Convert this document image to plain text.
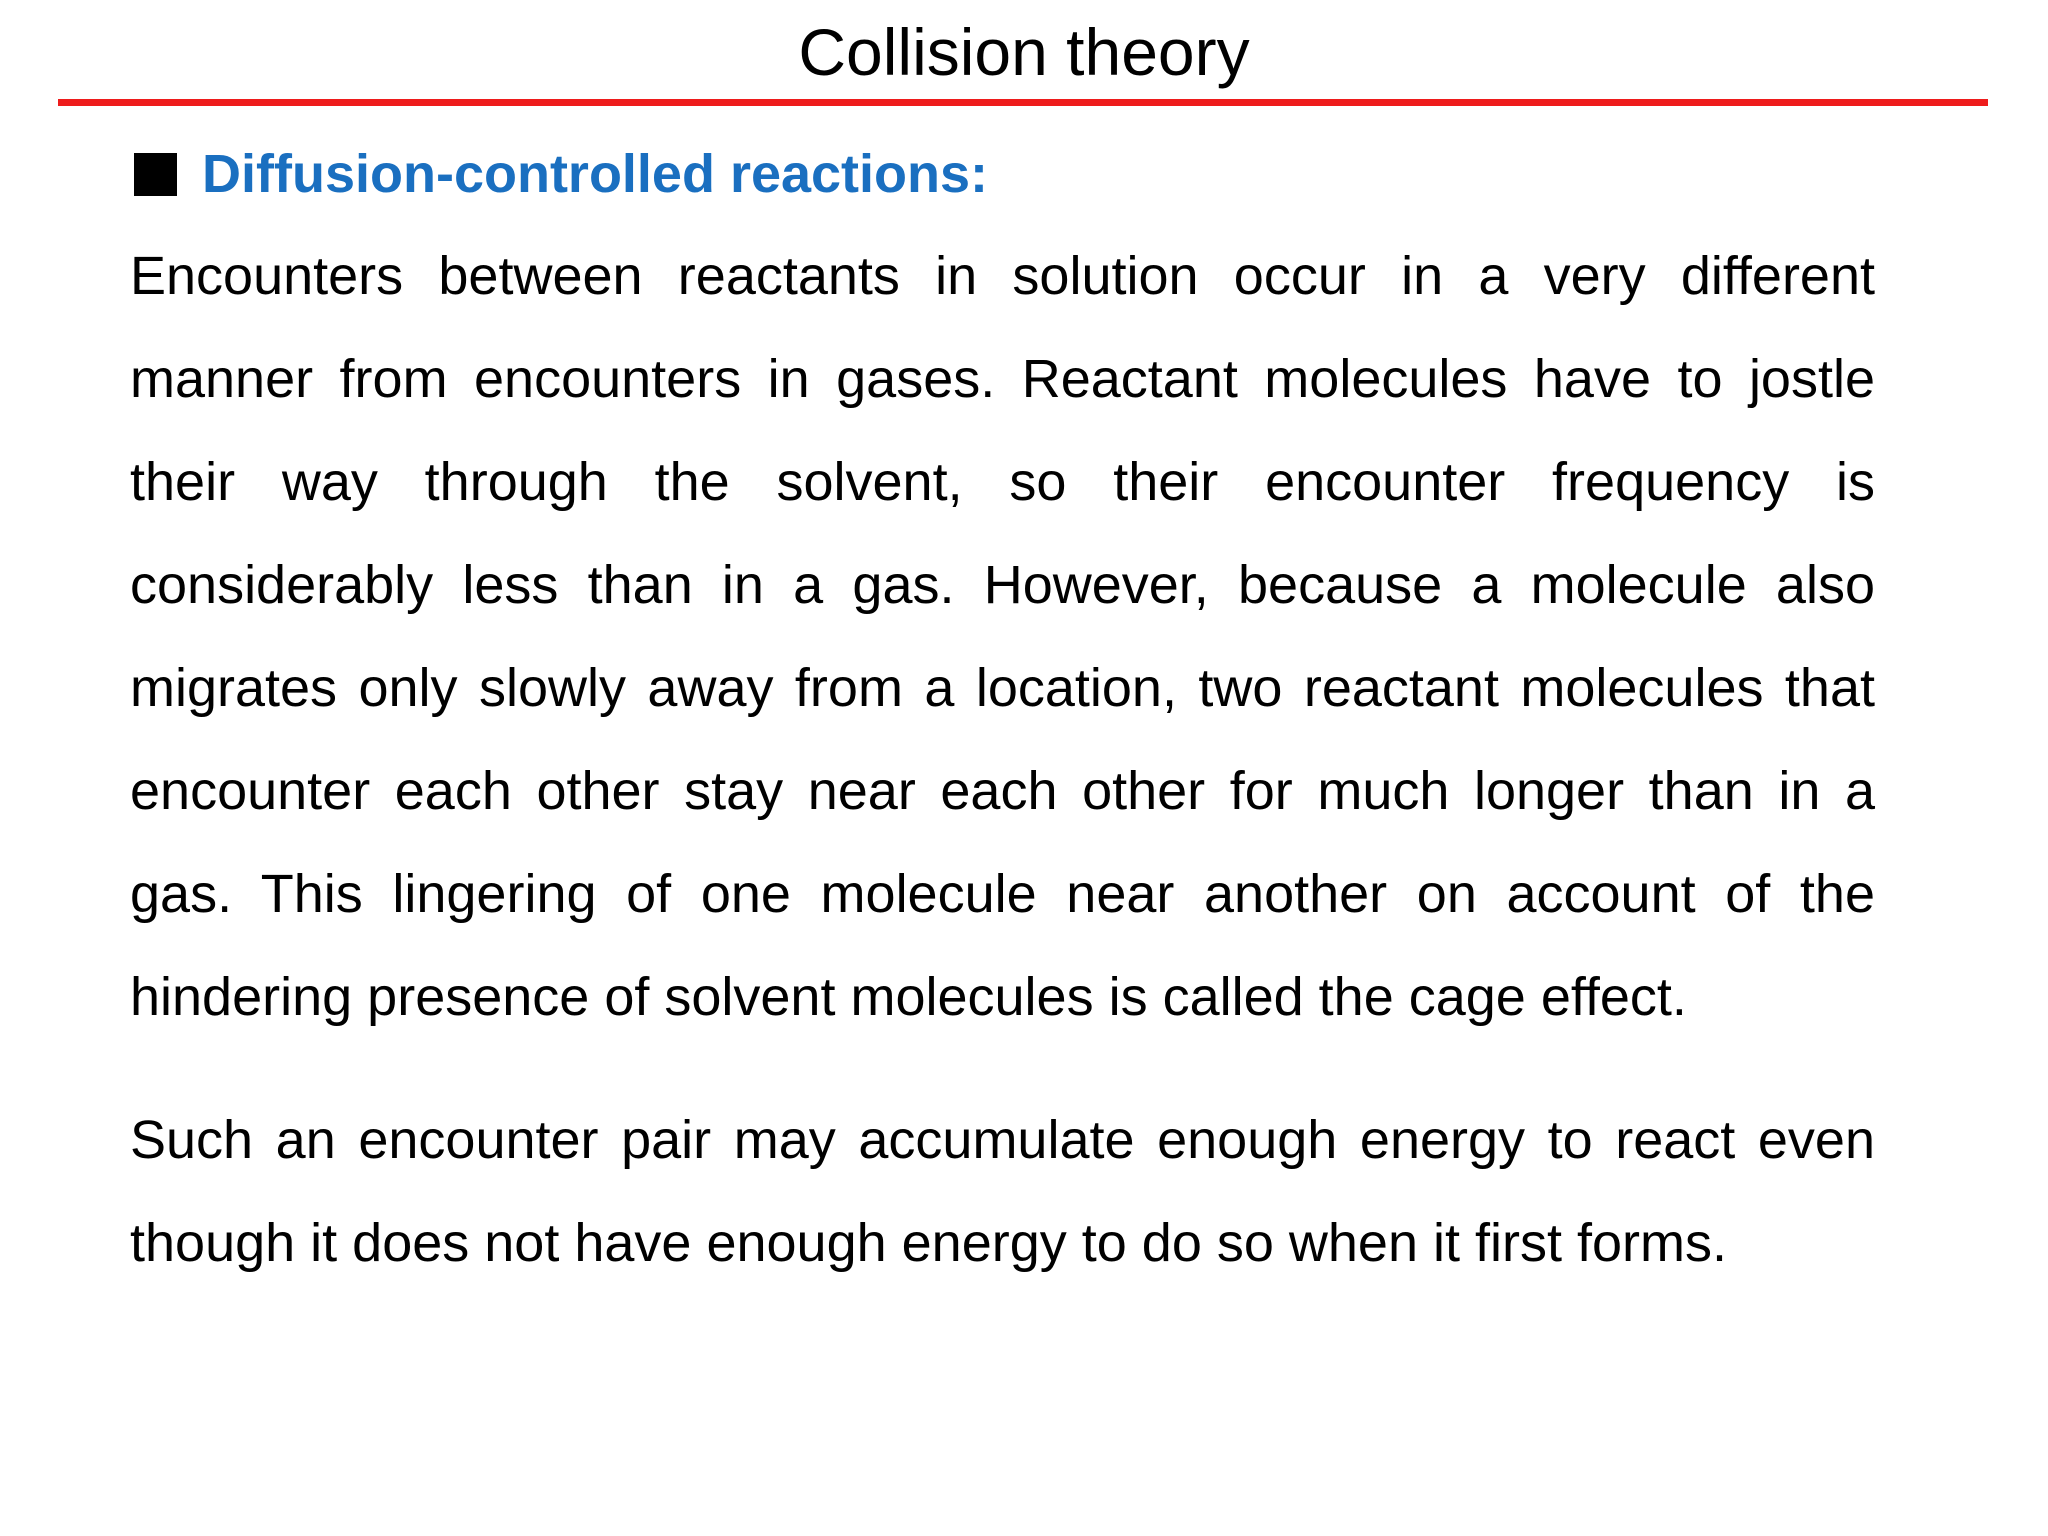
Collision theory
Diffusion-controlled reactions:
Encounters between reactants in solution occur in a very different manner from encounters in gases. Reactant molecules have to jostle their way through the solvent, so their encounter frequency is considerably less than in a gas. However, because a molecule also migrates only slowly away from a location, two reactant molecules that encounter each other stay near each other for much longer than in a gas. This lingering of one molecule near another on account of the hindering presence of solvent molecules is called the cage effect.
Such an encounter pair may accumulate enough energy to react even though it does not have enough energy to do so when it first forms.
